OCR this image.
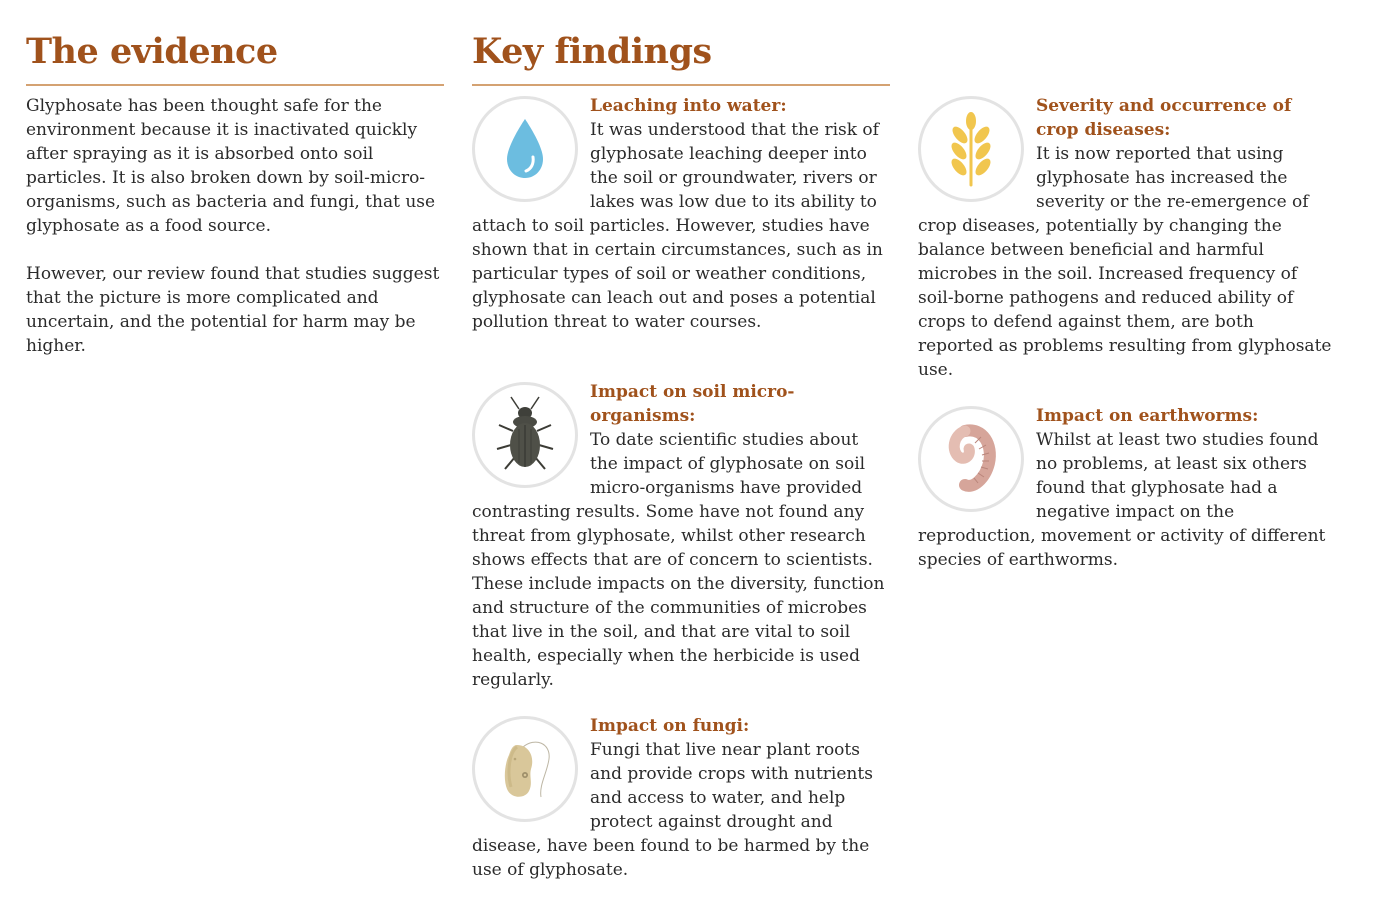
The evidence

Glyphosate has been thought safe for the environment because it is inactivated quickly after spraying as it is absorbed onto soil particles. It is also broken down by soil-micro-organisms, such as bacteria and fungi, that use glyphosate as a food source.

However, our review found that studies suggest that the picture is more complicated and uncertain, and the potential for harm may be higher.

Key findings
Leaching into water:
It was understood that the risk of glyphosate leaching deeper into the soil or groundwater, rivers or lakes was low due to its ability to attach to soil particles. However, studies have shown that in certain circumstances, such as in particular types of soil or weather conditions, glyphosate can leach out and poses a potential pollution threat to water courses.
Impact on soil micro-organisms:
To date scientific studies about the impact of glyphosate on soil micro-organisms have provided contrasting results. Some have not found any threat from glyphosate, whilst other research shows effects that are of concern to scientists. These include impacts on the diversity, function and structure of the communities of microbes that live in the soil, and that are vital to soil health, especially when the herbicide is used regularly.
Impact on fungi:
Fungi that live near plant roots and provide crops with nutrients and access to water, and help protect against drought and disease, have been found to be harmed by the use of glyphosate.
Severity and occurrence of crop diseases:
It is now reported that using glyphosate has increased the severity or the re-emergence of crop diseases, potentially by changing the balance between beneficial and harmful microbes in the soil. Increased frequency of soil-borne pathogens and reduced ability of crops to defend against them, are both reported as problems resulting from glyphosate use.
Impact on earthworms:
Whilst at least two studies found no problems, at least six others found that glyphosate had a negative impact on the reproduction, movement or activity of different species of earthworms.
